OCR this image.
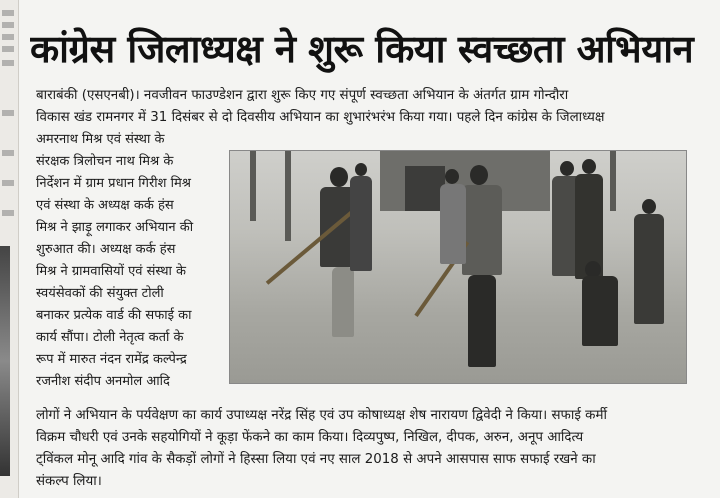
कांग्रेस जिलाध्यक्ष ने शुरू किया स्वच्छता अभियान
बाराबंकी (एसएनबी)। नवजीवन फाउण्डेशन द्वारा शुरू किए गए संपूर्ण स्वच्छता अभियान के अंतर्गत ग्राम गोन्दौरा
विकास खंड रामनगर में 31 दिसंबर से दो दिवसीय अभियान का शुभारंभरंभ किया गया। पहले दिन कांग्रेस के जिलाध्यक्ष
अमरनाथ मिश्र एवं संस्था के
संरक्षक त्रिलोचन नाथ मिश्र के
निर्देशन में ग्राम प्रधान गिरीश मिश्र
एवं संस्था के अध्यक्ष कर्क हंस
मिश्र ने झाड़ू लगाकर अभियान की
शुरुआत की। अध्यक्ष कर्क हंस
मिश्र ने ग्रामवासियों एवं संस्था के
स्वयंसेवकों की संयुक्त टोली
बनाकर प्रत्येक वार्ड की सफाई का
कार्य सौंपा। टोली नेतृत्व कर्ता के
रूप में मारुत नंदन रामेंद्र कल्पेन्द्र
रजनीश संदीप अनमोल आदि
लोगों ने अभियान के पर्यवेक्षण का कार्य उपाध्यक्ष नरेंद्र सिंह एवं उप कोषाध्यक्ष शेष नारायण द्विवेदी ने किया। सफाई कर्मी
विक्रम चौधरी एवं उनके सहयोगियों ने कूड़ा फेंकने का काम किया। दिव्यपुष्प, निखिल, दीपक, अरुन, अनूप आदित्य
ट्विंकल मोनू आदि गांव के सैकड़ों लोगों ने हिस्सा लिया एवं नए साल 2018 से अपने आसपास साफ सफाई रखने का
संकल्प लिया।
